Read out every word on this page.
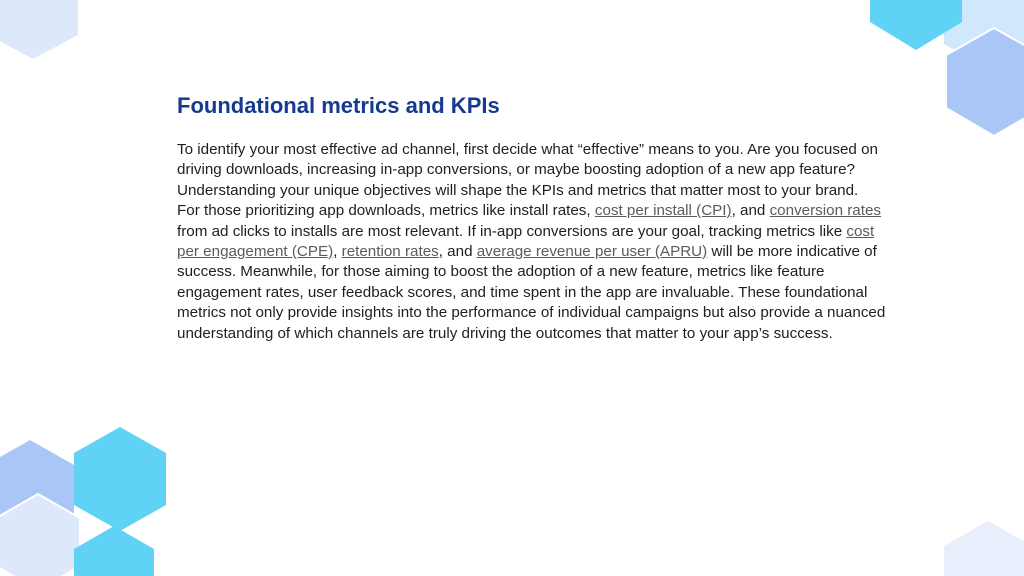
Foundational metrics and KPIs

To identify your most effective ad channel, first decide what “effective” means to you. Are you focused on driving downloads, increasing in-app conversions, or maybe boosting adoption of a new app feature? Understanding your unique objectives will shape the KPIs and metrics that matter most to your brand.

For those prioritizing app downloads, metrics like install rates, cost per install (CPI), and conversion rates from ad clicks to installs are most relevant. If in-app conversions are your goal, tracking metrics like cost per engagement (CPE), retention rates, and average revenue per user (APRU) will be more indicative of success. Meanwhile, for those aiming to boost the adoption of a new feature, metrics like feature engagement rates, user feedback scores, and time spent in the app are invaluable. These foundational metrics not only provide insights into the performance of individual campaigns but also provide a nuanced understanding of which channels are truly driving the outcomes that matter to your app’s success.
